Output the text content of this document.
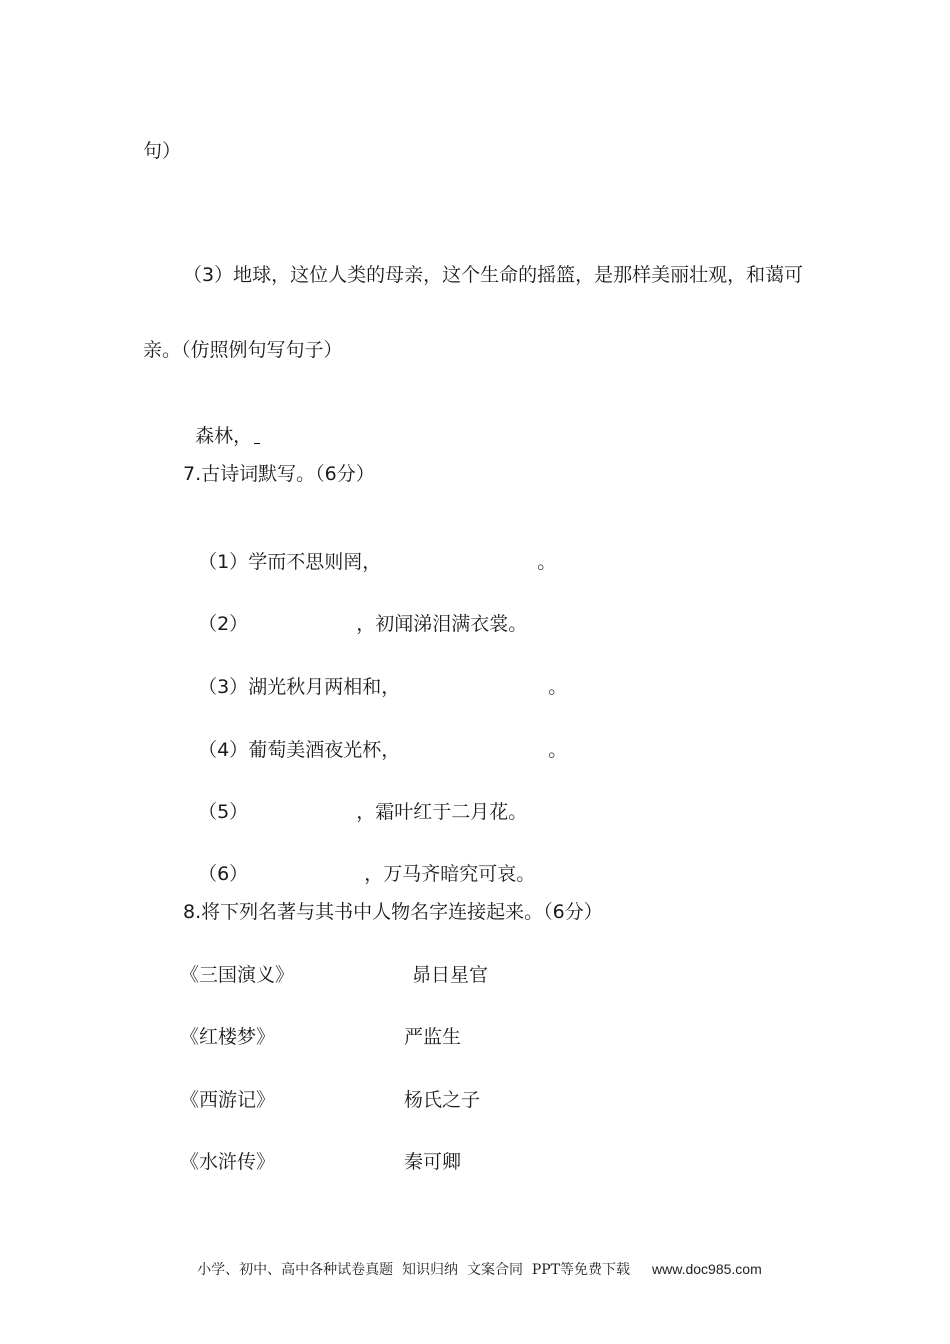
句）
（3）地球，这位人类的母亲，这个生命的摇篮，是那样美丽壮观，和蔼可
亲。（仿照例句写句子）

森林，

7.古诗词默写。（6分）

（1）学而不思则罔，	。

（2）	，初闻涕泪满衣裳。

（3）湖光秋月两相和，	。

（4）葡萄美酒夜光杯，	。

（5）	，霜叶红于二月花。

（6）	，万马齐暗究可哀。

8.将下列名著与其书中人物名字连接起来。（6分）
《三国演义》	昴日星官
《红楼梦》	严监生
《西游记》	杨氏之子
《水浒传》	秦可卿

小学、初中、高中各种试卷真题  知识归纳  文案合同  PPT等免费下载 www.doc985.com
